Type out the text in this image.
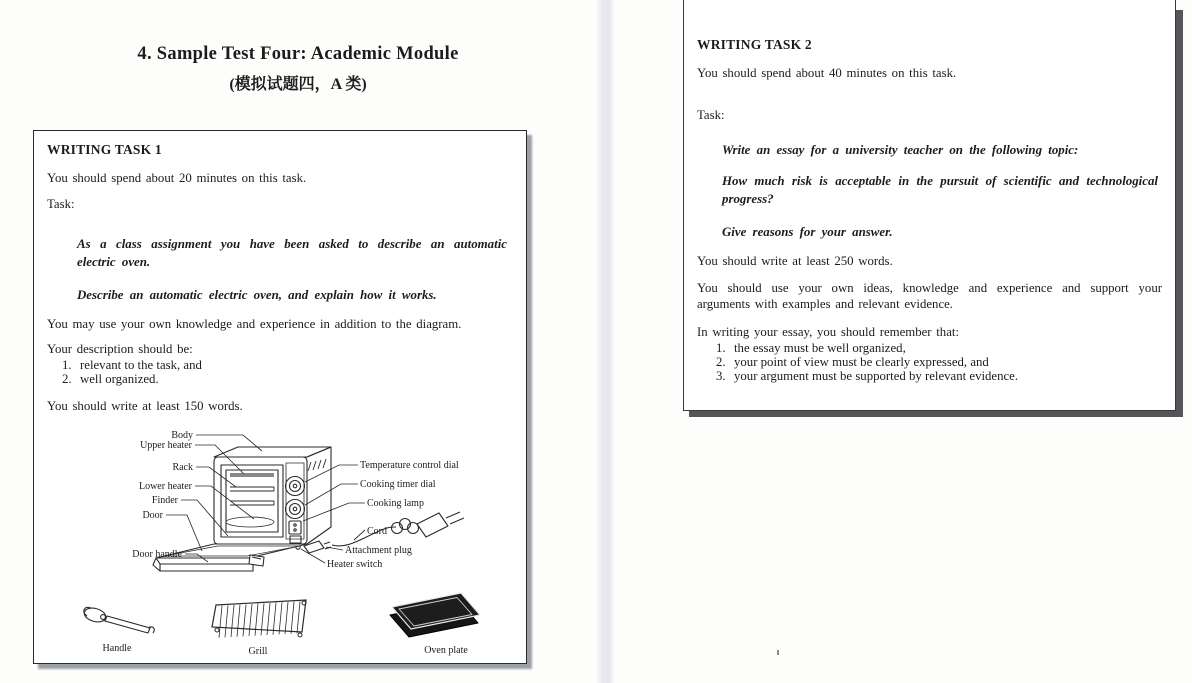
4. Sample Test Four: Academic Module
(模拟试题四，A 类)
WRITING TASK 1

You should spend about 20 minutes on this task.

Task:

As a class assignment you have been asked to describe an automatic electric oven.

Describe an automatic electric oven, and explain how it works.

You may use your own knowledge and experience in addition to the diagram.

Your description should be:

1. relevant to the task, and
2. well organized.

You should write at least 150 words.

Body
Upper heater
Rack
Lower heater
Finder
Door
Door handle
Temperature control dial
Cooking timer dial
Cooking lamp
Cord
Attachment plug
Heater switch
Handle	Grill	Oven plate
WRITING TASK 2

You should spend about 40 minutes on this task.

Task:

Write an essay for a university teacher on the following topic:

How much risk is acceptable in the pursuit of scientific and technological progress?

Give reasons for your answer.

You should write at least 250 words.

You should use your own ideas, knowledge and experience and support your arguments with examples and relevant evidence.

In writing your essay, you should remember that:

1. the essay must be well organized,
2. your point of view must be clearly expressed, and
3. your argument must be supported by relevant evidence.
